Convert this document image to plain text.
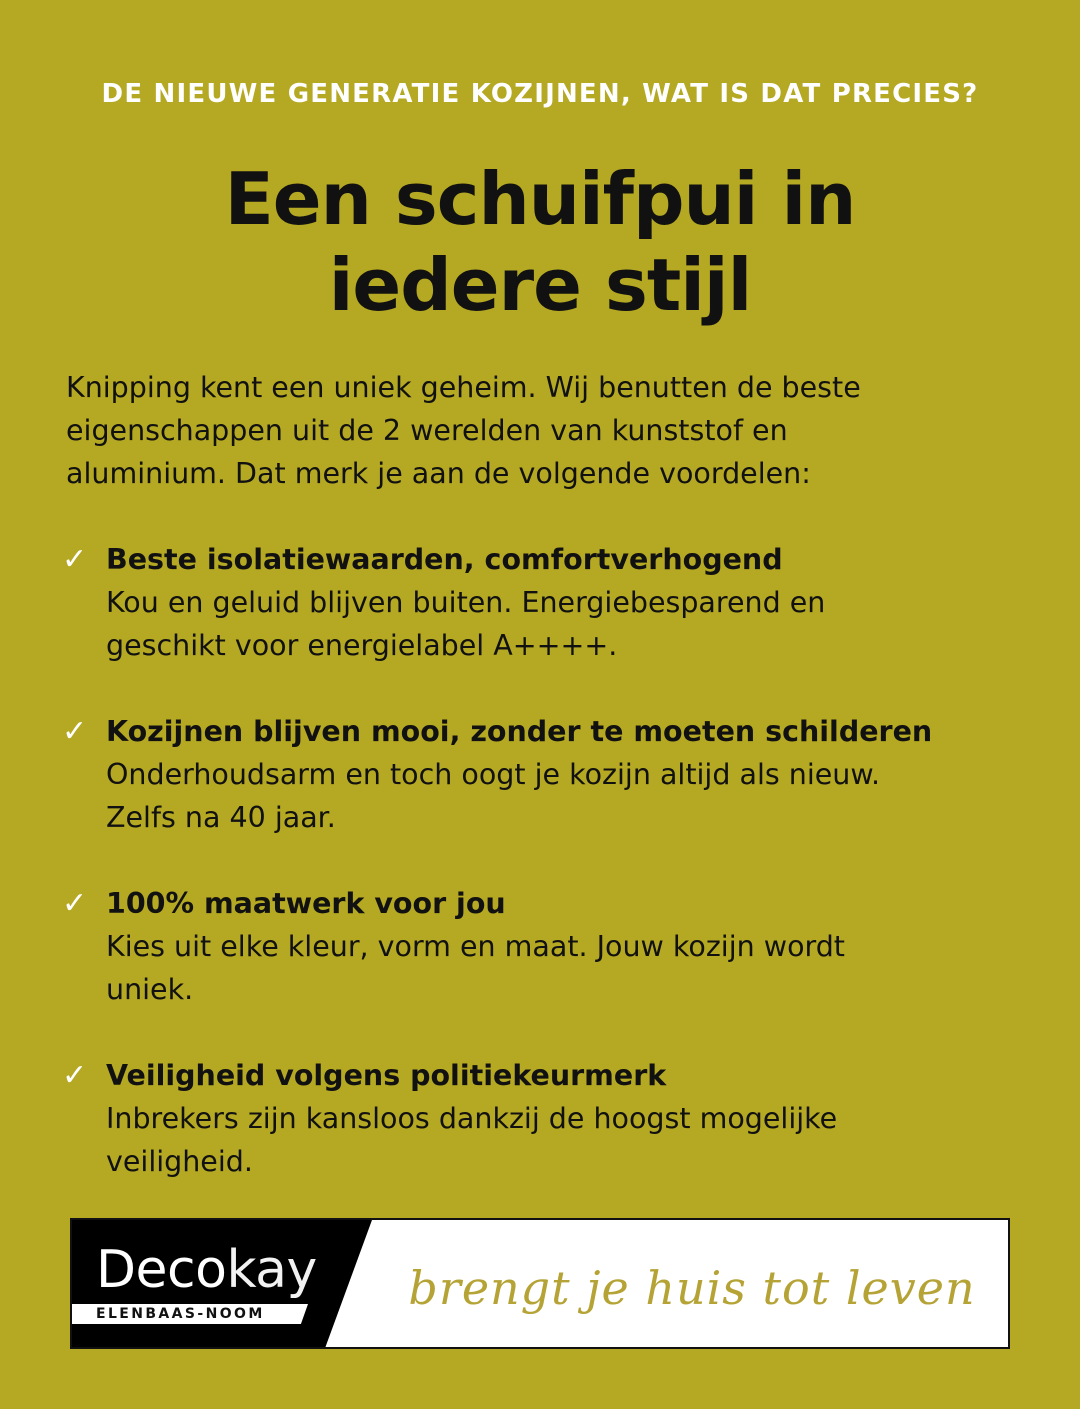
DE NIEUWE GENERATIE KOZIJNEN, WAT IS DAT PRECIES?
Een schuifpui in
iedere stijl
Knipping kent een uniek geheim. Wij benutten de beste
eigenschappen uit de 2 werelden van kunststof en
aluminium. Dat merk je aan de volgende voordelen:
✓ Beste isolatiewaarden, comfortverhogend
Kou en geluid blijven buiten. Energiebesparend en
geschikt voor energielabel A++++.
✓ Kozijnen blijven mooi, zonder te moeten schilderen
Onderhoudsarm en toch oogt je kozijn altijd als nieuw.
Zelfs na 40 jaar.
✓ 100% maatwerk voor jou
Kies uit elke kleur, vorm en maat. Jouw kozijn wordt
uniek.
✓ Veiligheid volgens politiekeurmerk
Inbrekers zijn kansloos dankzij de hoogst mogelijke
veiligheid.
Decokay
ELENBAAS-NOOM	brengt je huis tot leven
